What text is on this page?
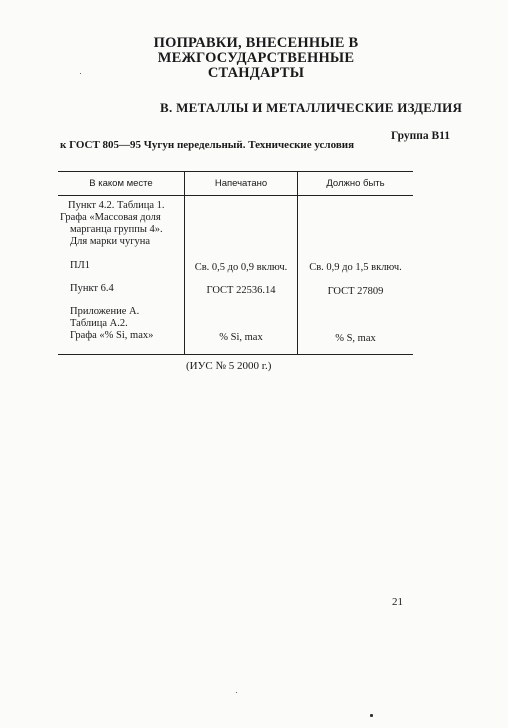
ПОПРАВКИ, ВНЕСЕННЫЕ В МЕЖГОСУДАРСТВЕННЫЕ
СТАНДАРТЫ
В. МЕТАЛЛЫ И МЕТАЛЛИЧЕСКИЕ ИЗДЕЛИЯ
Группа В11
к ГОСТ 805—95 Чугун передельный. Технические условия
В каком месте	Напечатано	Должно быть
Пункт 4.2. Таблица 1.
Графа «Массовая доля
марганца группы 4».
Для марки чугуна
ПЛ1	Св. 0,5 до 0,9 включ.	Св. 0,9 до 1,5 включ.
Пункт 6.4	ГОСТ 22536.14	ГОСТ 27809
Приложение А.
Таблица А.2.
Графа «% Si, max»	% Si, max	% S, max
(ИУС № 5 2000 г.)
21
